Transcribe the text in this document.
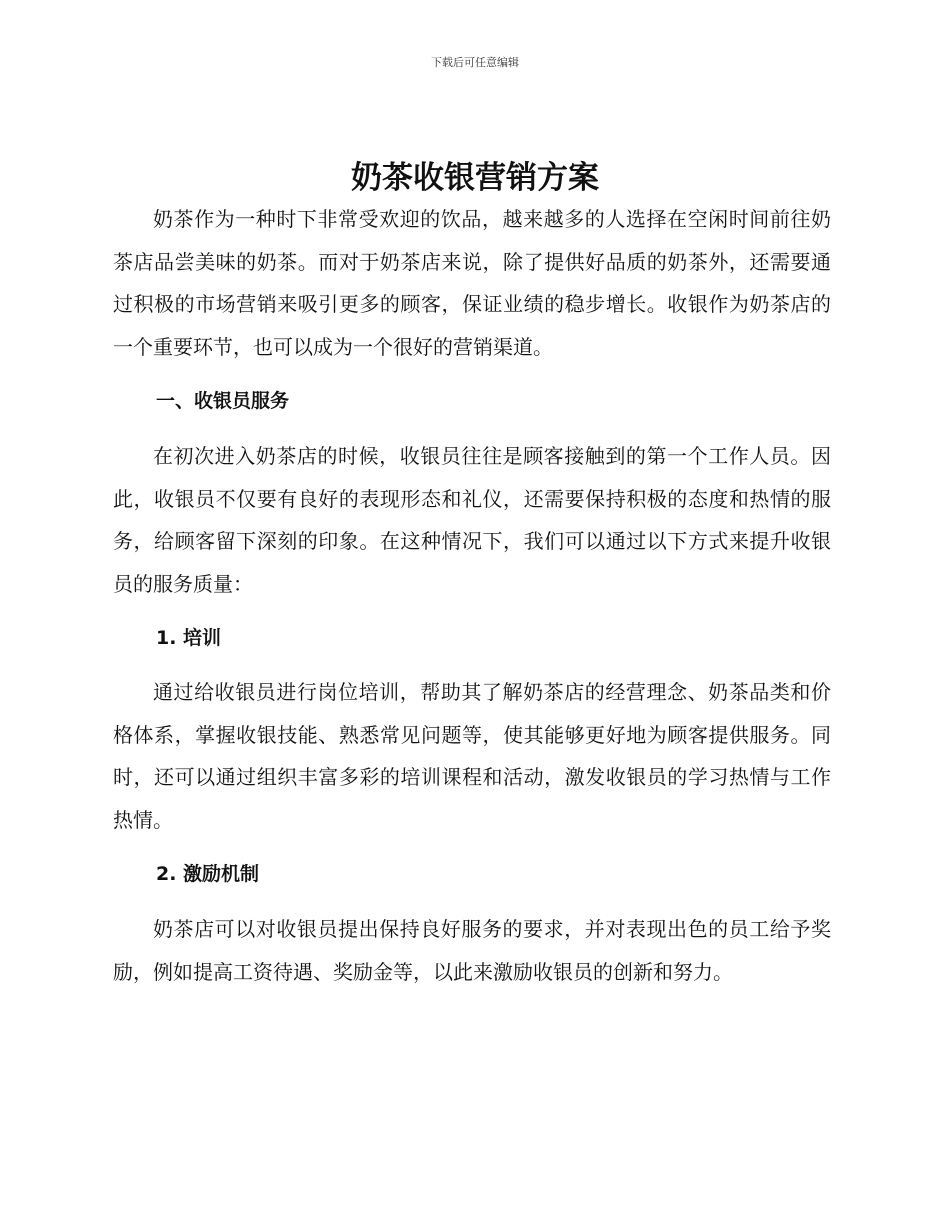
下载后可任意编辑
奶茶收银营销方案

奶茶作为一种时下非常受欢迎的饮品，越来越多的人选择在空闲时间前往奶茶店品尝美味的奶茶。而对于奶茶店来说，除了提供好品质的奶茶外，还需要通过积极的市场营销来吸引更多的顾客，保证业绩的稳步增长。收银作为奶茶店的一个重要环节，也可以成为一个很好的营销渠道。

一、收银员服务

在初次进入奶茶店的时候，收银员往往是顾客接触到的第一个工作人员。因此，收银员不仅要有良好的表现形态和礼仪，还需要保持积极的态度和热情的服务，给顾客留下深刻的印象。在这种情况下，我们可以通过以下方式来提升收银员的服务质量：

1. 培训

通过给收银员进行岗位培训，帮助其了解奶茶店的经营理念、奶茶品类和价格体系，掌握收银技能、熟悉常见问题等，使其能够更好地为顾客提供服务。同时，还可以通过组织丰富多彩的培训课程和活动，激发收银员的学习热情与工作热情。

2. 激励机制

奶茶店可以对收银员提出保持良好服务的要求，并对表现出色的员工给予奖励，例如提高工资待遇、奖励金等，以此来激励收银员的创新和努力。
